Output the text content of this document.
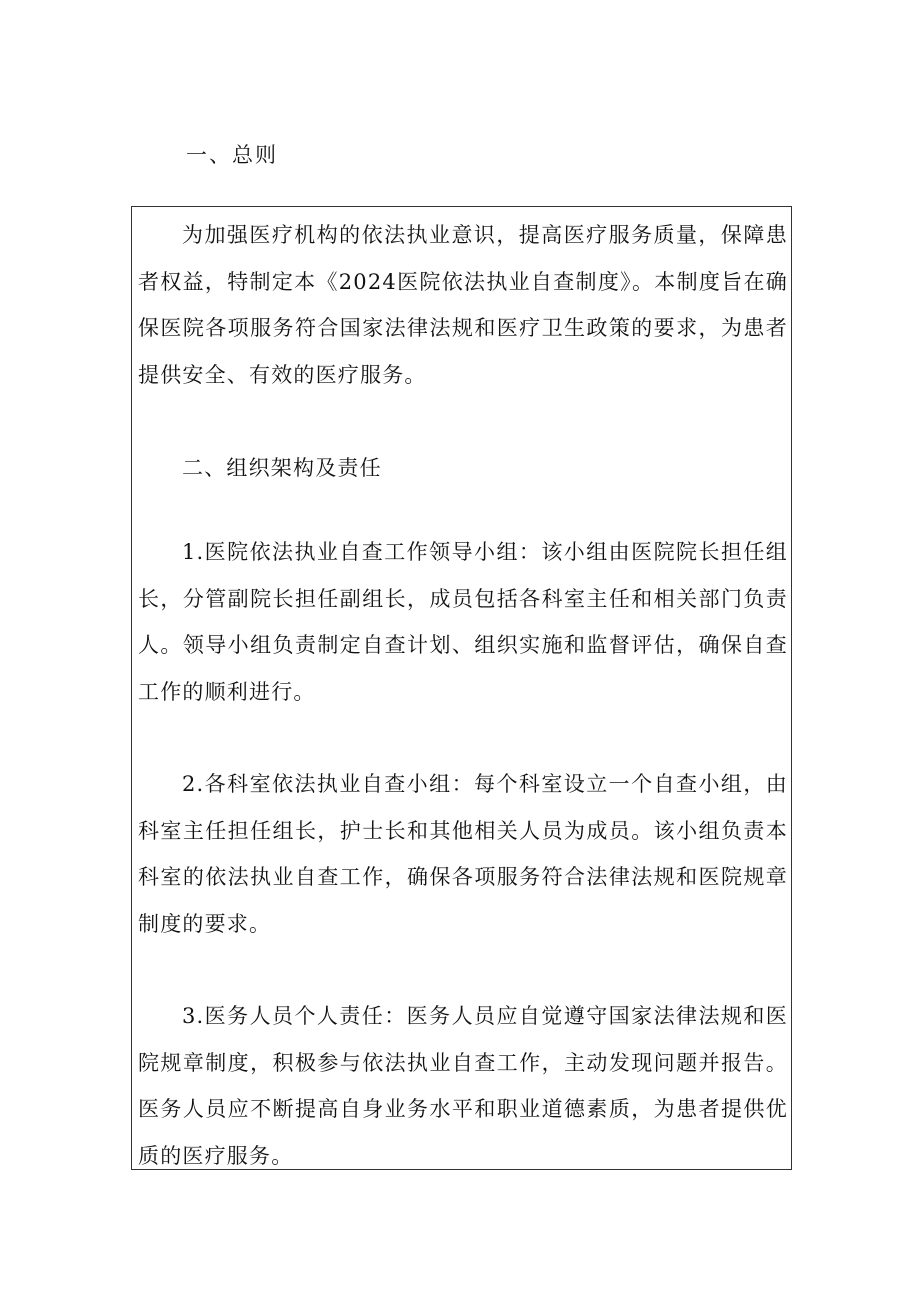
一、总则

为加强医疗机构的依法执业意识，提高医疗服务质量，保障患者权益，特制定本《2024医院依法执业自查制度》。本制度旨在确保医院各项服务符合国家法律法规和医疗卫生政策的要求，为患者提供安全、有效的医疗服务。

二、组织架构及责任

1.医院依法执业自查工作领导小组：该小组由医院院长担任组长，分管副院长担任副组长，成员包括各科室主任和相关部门负责人。领导小组负责制定自查计划、组织实施和监督评估，确保自查工作的顺利进行。

2.各科室依法执业自查小组：每个科室设立一个自查小组，由科室主任担任组长，护士长和其他相关人员为成员。该小组负责本科室的依法执业自查工作，确保各项服务符合法律法规和医院规章制度的要求。

3.医务人员个人责任：医务人员应自觉遵守国家法律法规和医院规章制度，积极参与依法执业自查工作，主动发现问题并报告。医务人员应不断提高自身业务水平和职业道德素质，为患者提供优质的医疗服务。
